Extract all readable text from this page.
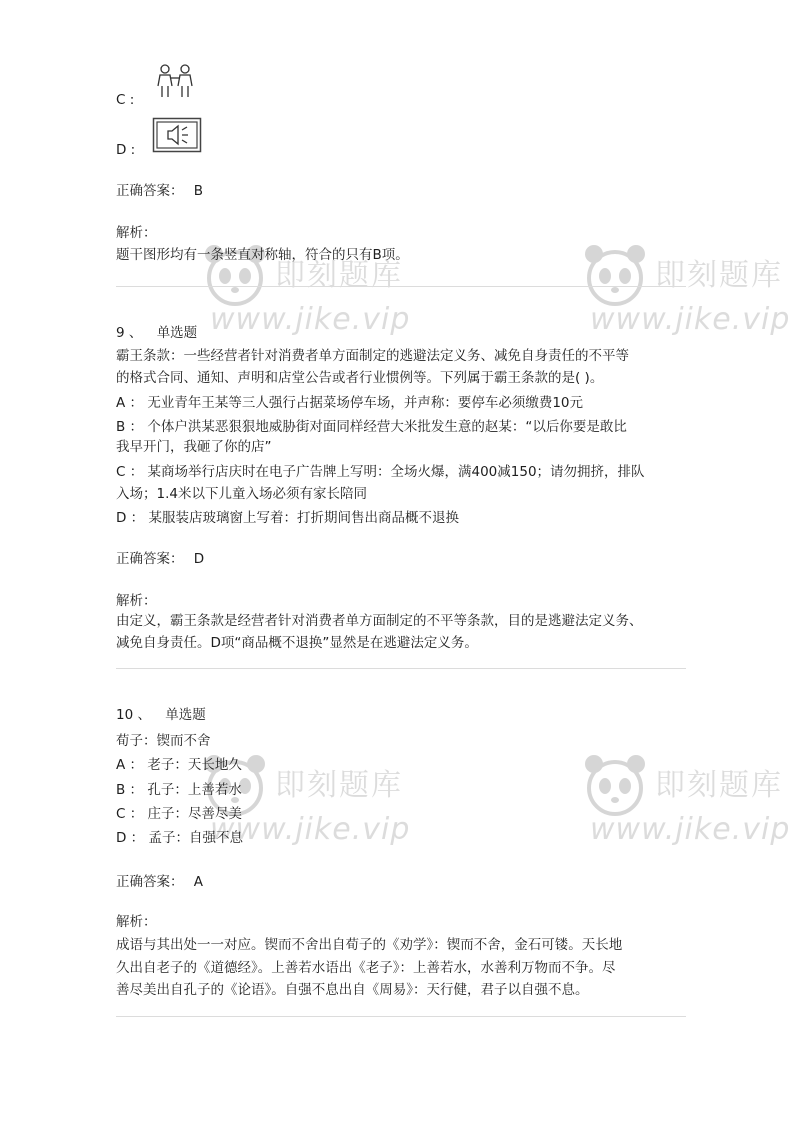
即刻题库
www.jike.vip
即刻题库
www.jike.vip
即刻题库
www.jike.vip
即刻题库
www.jike.vip
C :
D :
正确答案： B
解析：
题干图形均有一条竖直对称轴，符合的只有B项。
9 、 单选题
霸王条款：一些经营者针对消费者单方面制定的逃避法定义务、减免自身责任的不平等
的格式合同、通知、声明和店堂公告或者行业惯例等。下列属于霸王条款的是( )。
A ： 无业青年王某等三人强行占据菜场停车场，并声称：要停车必须缴费10元
B ： 个体户洪某恶狠狠地威胁街对面同样经营大米批发生意的赵某：“以后你要是敢比
我早开门，我砸了你的店”
C ： 某商场举行店庆时在电子广告牌上写明：全场火爆，满400减150；请勿拥挤，排队
入场；1.4米以下儿童入场必须有家长陪同
D ： 某服装店玻璃窗上写着：打折期间售出商品概不退换
正确答案： D
解析：
由定义，霸王条款是经营者针对消费者单方面制定的不平等条款，目的是逃避法定义务、
减免自身责任。D项“商品概不退换”显然是在逃避法定义务。
10 、 单选题
荀子：锲而不舍
A ： 老子：天长地久
B ： 孔子：上善若水
C ： 庄子：尽善尽美
D ： 孟子：自强不息
正确答案： A
解析：
成语与其出处一一对应。锲而不舍出自荀子的《劝学》：锲而不舍，金石可镂。天长地
久出自老子的《道德经》。上善若水语出《老子》：上善若水，水善利万物而不争。尽
善尽美出自孔子的《论语》。自强不息出自《周易》：天行健，君子以自强不息。
